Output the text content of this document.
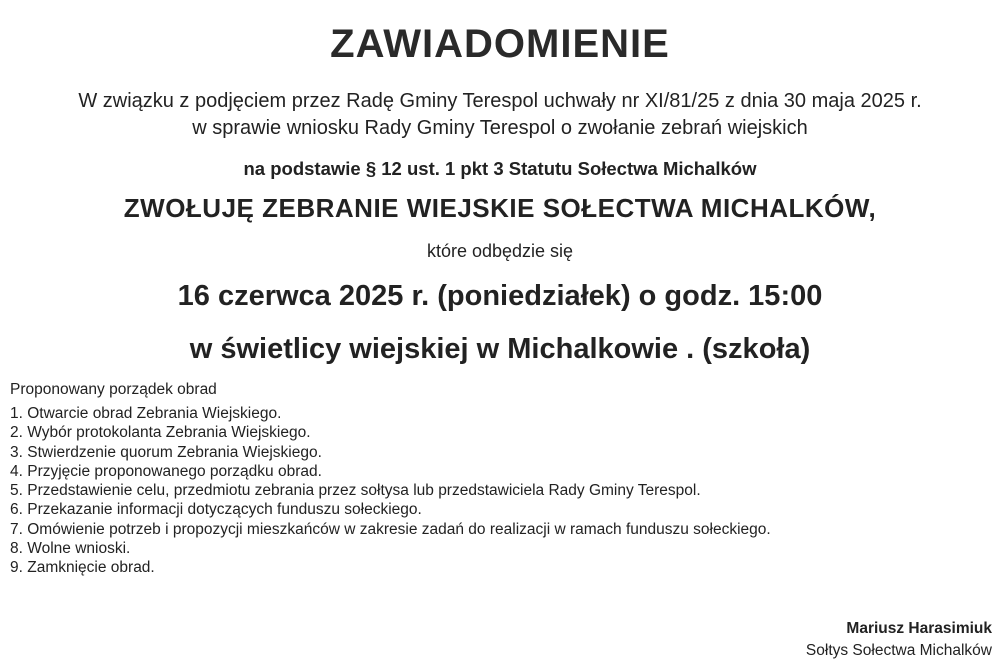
ZAWIADOMIENIE
W związku z podjęciem przez Radę Gminy Terespol uchwały nr XI/81/25 z dnia 30 maja 2025 r.
w sprawie wniosku Rady Gminy Terespol o zwołanie zebrań wiejskich
na podstawie § 12 ust. 1 pkt 3 Statutu Sołectwa Michalków
ZWOŁUJĘ ZEBRANIE WIEJSKIE SOŁECTWA MICHALKÓW,
które odbędzie się
16 czerwca 2025 r. (poniedziałek) o godz. 15:00
w świetlicy wiejskiej w Michalkowie . (szkoła)
Proponowany porządek obrad
1. Otwarcie obrad Zebrania Wiejskiego.
2. Wybór protokolanta Zebrania Wiejskiego.
3. Stwierdzenie quorum Zebrania Wiejskiego.
4. Przyjęcie proponowanego porządku obrad.
5. Przedstawienie celu, przedmiotu zebrania przez sołtysa lub przedstawiciela Rady Gminy Terespol.
6. Przekazanie informacji dotyczących funduszu sołeckiego.
7. Omówienie potrzeb i propozycji mieszkańców w zakresie zadań do realizacji w ramach funduszu sołeckiego.
8. Wolne wnioski.
9. Zamknięcie obrad.
Mariusz Harasimiuk
Sołtys Sołectwa Michalków
